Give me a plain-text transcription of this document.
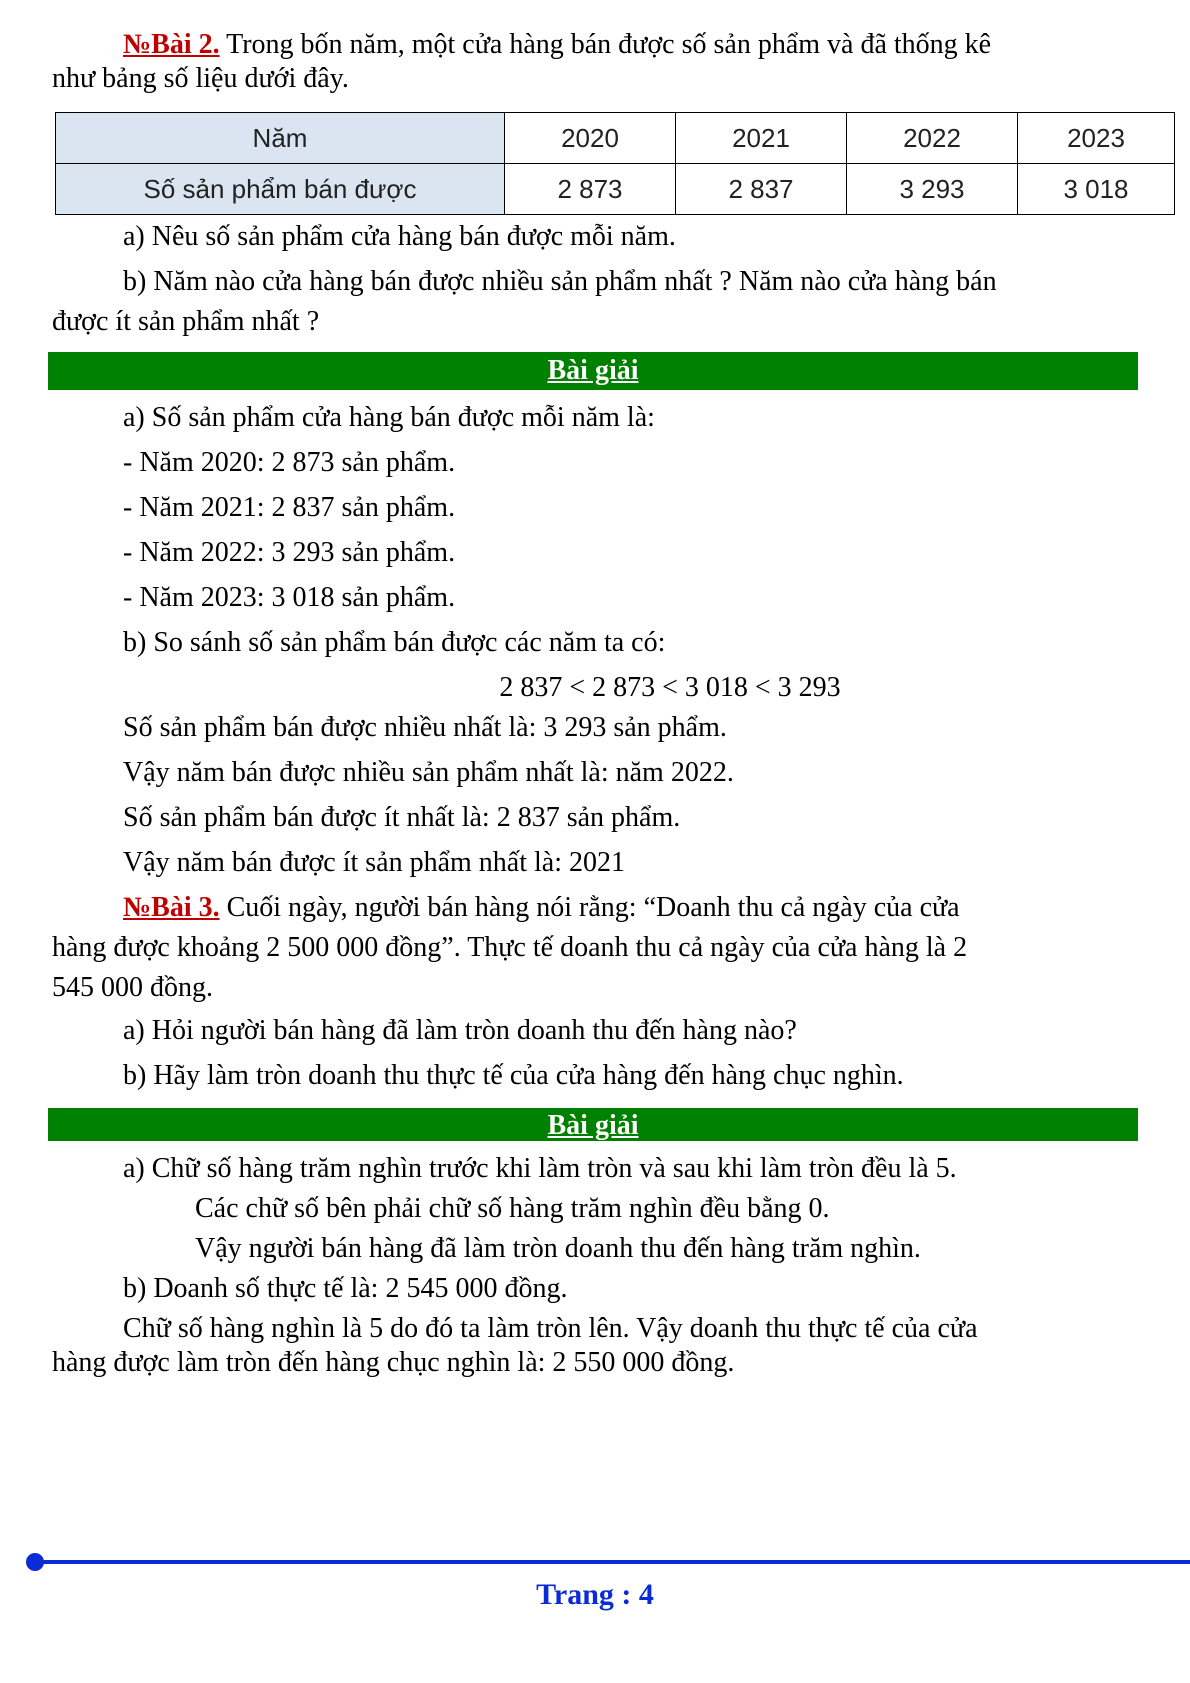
№Bài 2. Trong bốn năm, một cửa hàng bán được số sản phẩm và đã thống kê
như bảng số liệu dưới đây.
Năm	2020	2021	2022	2023
Số sản phẩm bán được	2 873	2 837	3 293	3 018
a) Nêu số sản phẩm cửa hàng bán được mỗi năm.
b) Năm nào cửa hàng bán được nhiều sản phẩm nhất ? Năm nào cửa hàng bán
được ít sản phẩm nhất ?
Bài giải
a) Số sản phẩm cửa hàng bán được mỗi năm là:
- Năm 2020: 2 873 sản phẩm.
- Năm 2021: 2 837 sản phẩm.
- Năm 2022: 3 293 sản phẩm.
- Năm 2023: 3 018 sản phẩm.
b) So sánh số sản phẩm bán được các năm ta có:
2 837 < 2 873 < 3 018 < 3 293
Số sản phẩm bán được nhiều nhất là: 3 293 sản phẩm.
Vậy năm bán được nhiều sản phẩm nhất là: năm 2022.
Số sản phẩm bán được ít nhất là: 2 837 sản phẩm.
Vậy năm bán được ít sản phẩm nhất là: 2021
№Bài 3. Cuối ngày, người bán hàng nói rằng: “Doanh thu cả ngày của cửa
hàng được khoảng 2 500 000 đồng”. Thực tế doanh thu cả ngày của cửa hàng là 2
545 000 đồng.
a) Hỏi người bán hàng đã làm tròn doanh thu đến hàng nào?
b) Hãy làm tròn doanh thu thực tế của cửa hàng đến hàng chục nghìn.
Bài giải
a) Chữ số hàng trăm nghìn trước khi làm tròn và sau khi làm tròn đều là 5.
Các chữ số bên phải chữ số hàng trăm nghìn đều bằng 0.
Vậy người bán hàng đã làm tròn doanh thu đến hàng trăm nghìn.
b) Doanh số thực tế là: 2 545 000 đồng.
Chữ số hàng nghìn là 5 do đó ta làm tròn lên. Vậy doanh thu thực tế của cửa
hàng được làm tròn đến hàng chục nghìn là: 2 550 000 đồng.
Trang : 4
